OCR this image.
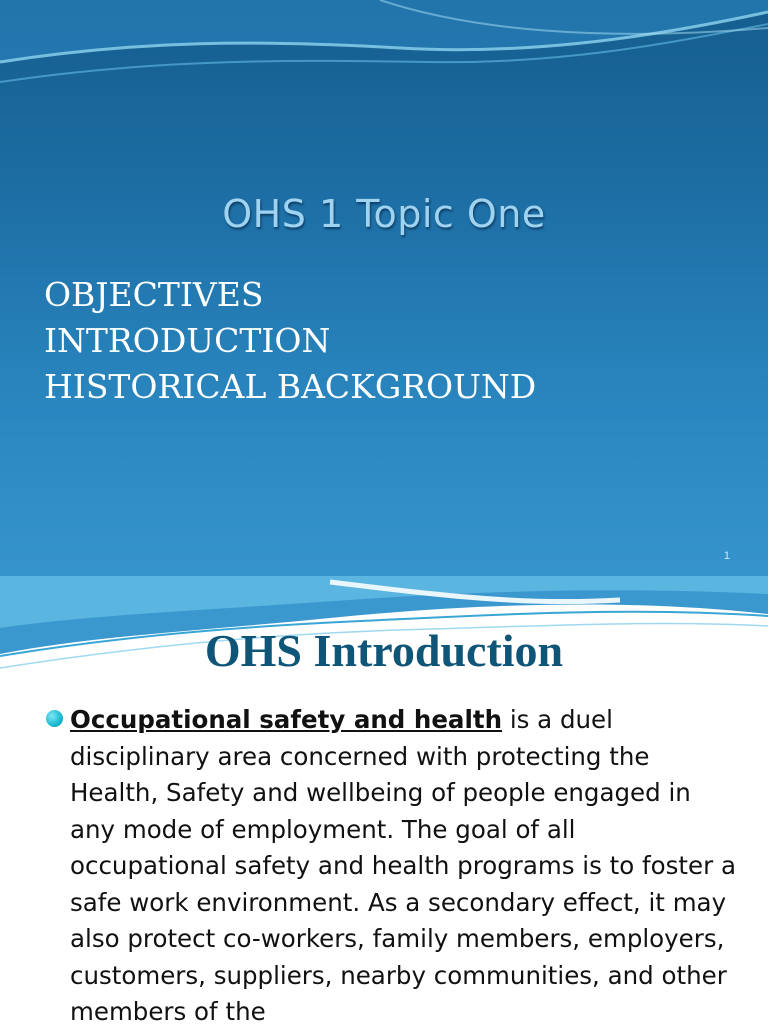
OHS 1 Topic One
OBJECTIVES
INTRODUCTION
HISTORICAL BACKGROUND
1
OHS Introduction

Occupational safety and health is a duel disciplinary area concerned with protecting the Health, Safety and wellbeing of people engaged in any mode of employment. The goal of all occupational safety and health programs is to foster a safe work environment. As a secondary effect, it may also protect co-workers, family members, employers, customers, suppliers, nearby communities, and other members of the
